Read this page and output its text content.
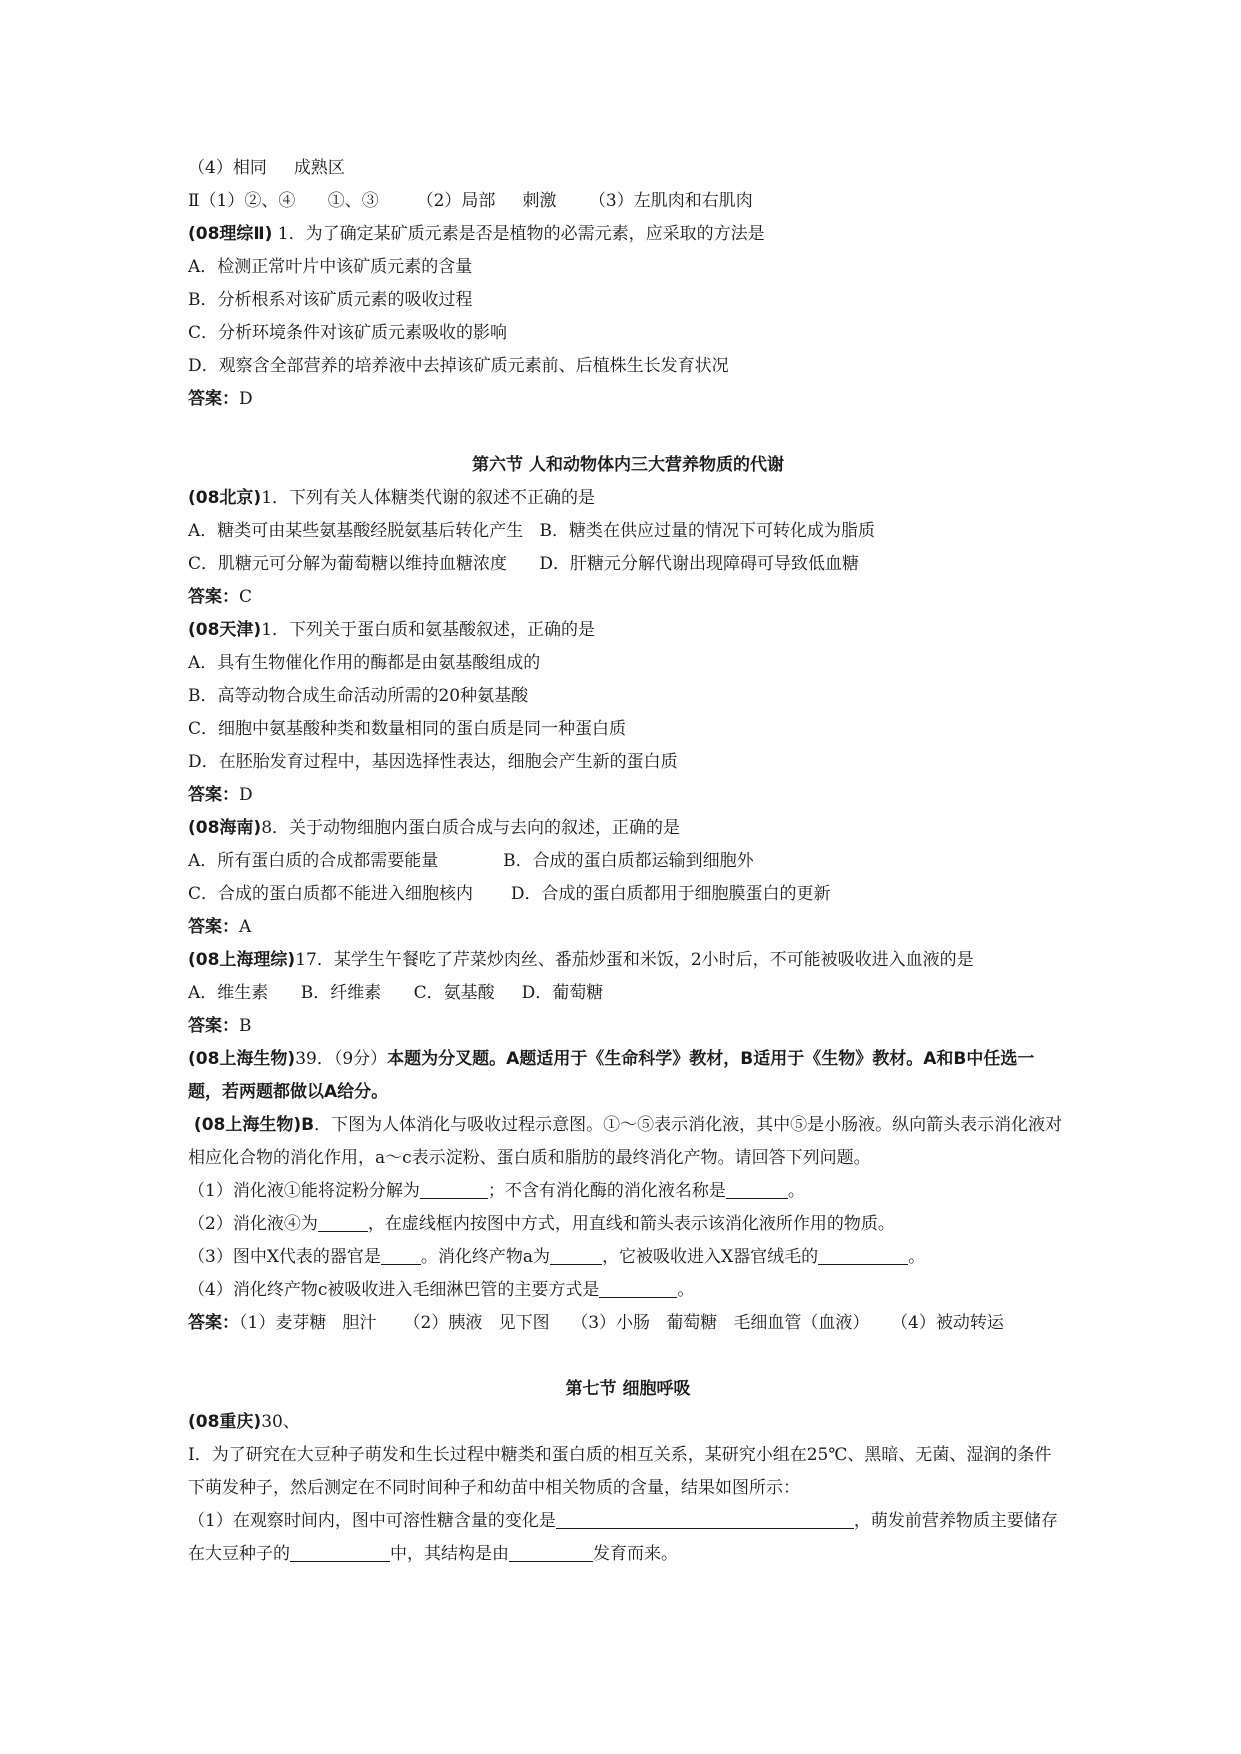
（4）相同     成熟区
Ⅱ（1）②、④      ①、③       （2）局部     刺激      （3）左肌肉和右肌肉
(08理综Ⅱ) 1．为了确定某矿质元素是否是植物的必需元素，应采取的方法是
A．检测正常叶片中该矿质元素的含量
B．分析根系对该矿质元素的吸收过程
C．分析环境条件对该矿质元素吸收的影响
D．观察含全部营养的培养液中去掉该矿质元素前、后植株生长发育状况
答案：D
第六节 人和动物体内三大营养物质的代谢
(08北京)1．下列有关人体糖类代谢的叙述不正确的是
A．糖类可由某些氨基酸经脱氨基后转化产生   B．糖类在供应过量的情况下可转化成为脂质
C．肌糖元可分解为葡萄糖以维持血糖浓度      D．肝糖元分解代谢出现障碍可导致低血糖
答案：C
(08天津)1．下列关于蛋白质和氨基酸叙述，正确的是
A．具有生物催化作用的酶都是由氨基酸组成的
B．高等动物合成生命活动所需的20种氨基酸
C．细胞中氨基酸种类和数量相同的蛋白质是同一种蛋白质
D．在胚胎发育过程中，基因选择性表达，细胞会产生新的蛋白质
答案：D
(08海南)8．关于动物细胞内蛋白质合成与去向的叙述，正确的是
A．所有蛋白质的合成都需要能量            B．合成的蛋白质都运输到细胞外
C．合成的蛋白质都不能进入细胞核内       D．合成的蛋白质都用于细胞膜蛋白的更新
答案：A
(08上海理综)17．某学生午餐吃了芹菜炒肉丝、番茄炒蛋和米饭，2小时后，不可能被吸收进入血液的是
A．维生素      B．纤维素      C．氨基酸     D．葡萄糖
答案：B
(08上海生物)39．（9分）本题为分叉题。A题适用于《生命科学》教材，B适用于《生物》教材。A和B中任选一题，若两题都做以A给分。
(08上海生物)B．下图为人体消化与吸收过程示意图。①～⑤表示消化液，其中⑤是小肠液。纵向箭头表示消化液对相应化合物的消化作用，a～c表示淀粉、蛋白质和脂肪的最终消化产物。请回答下列问题。
（1）消化液①能将淀粉分解为	；不含有消化酶的消化液名称是	。
（2）消化液④为	，在虚线框内按图中方式，用直线和箭头表示该消化液所作用的物质。
（3）图中X代表的器官是 。消化终产物a为	，它被吸收进入X器官绒毛的	。
（4）消化终产物c被吸收进入毛细淋巴管的主要方式是	。
答案：（1）麦芽糖   胆汁     （2）胰液   见下图    （3）小肠   葡萄糖   毛细血管（血液）    （4）被动转运
第七节 细胞呼吸
(08重庆)30、
I．为了研究在大豆种子萌发和生长过程中糖类和蛋白质的相互关系，某研究小组在25℃、黑暗、无菌、湿润的条件下萌发种子，然后测定在不同时间种子和幼苗中相关物质的含量，结果如图所示：
（1）在观察时间内，图中可溶性糖含量的变化是	，萌发前营养物质主要储存在大豆种子的	中，其结构是由	发育而来。
